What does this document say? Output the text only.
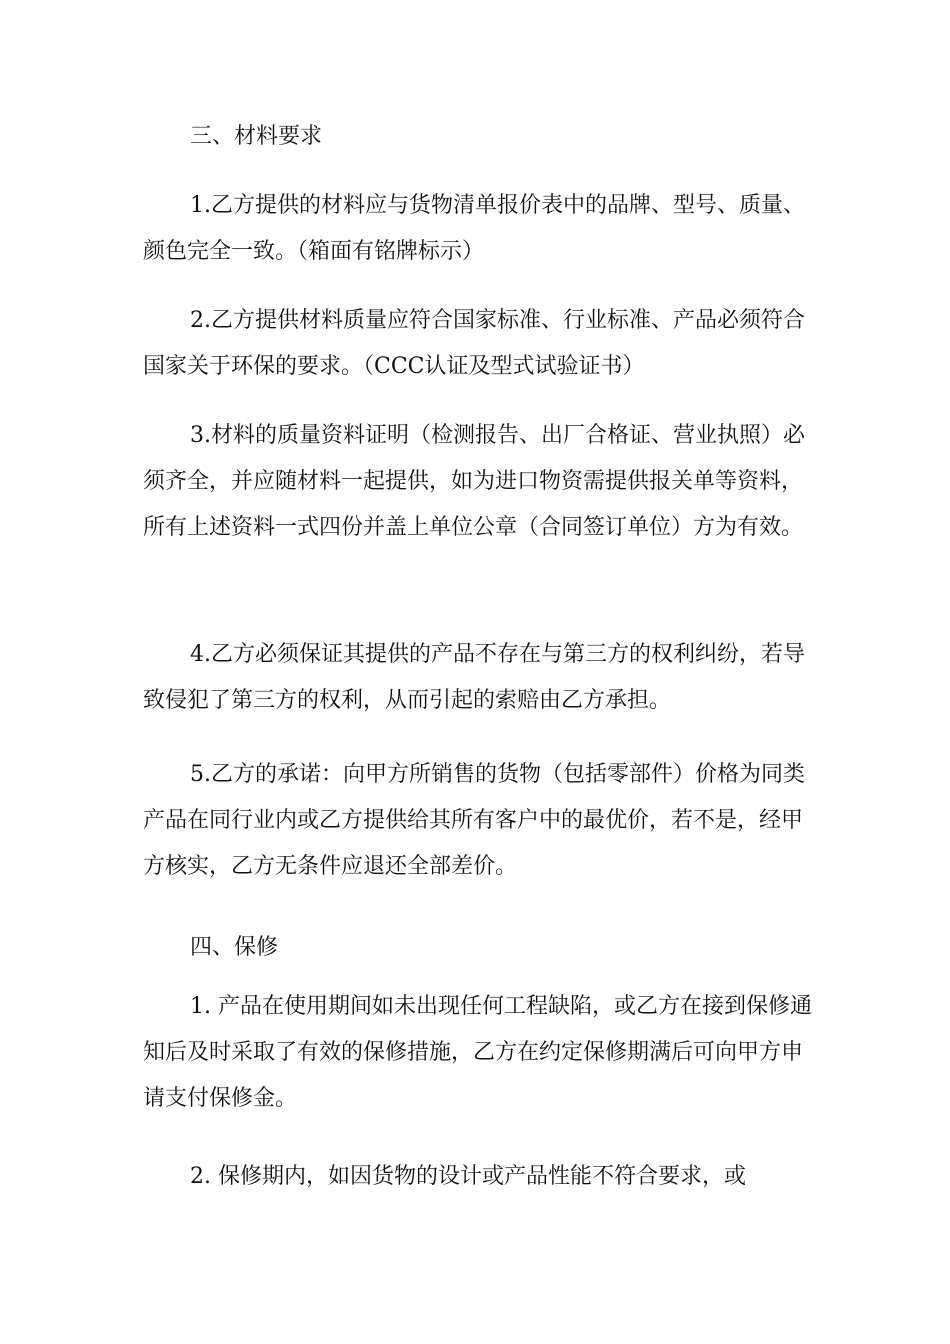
三、材料要求

1.乙方提供的材料应与货物清单报价表中的品牌、型号、质量、颜色完全一致。（箱面有铭牌标示）

2.乙方提供材料质量应符合国家标准、行业标准、产品必须符合国家关于环保的要求。（CCC认证及型式试验证书）

3.材料的质量资料证明（检测报告、出厂合格证、营业执照）必须齐全，并应随材料一起提供，如为进口物资需提供报关单等资料，所有上述资料一式四份并盖上单位公章（合同签订单位）方为有效。

4.乙方必须保证其提供的产品不存在与第三方的权利纠纷，若导致侵犯了第三方的权利，从而引起的索赔由乙方承担。

5.乙方的承诺：向甲方所销售的货物（包括零部件）价格为同类产品在同行业内或乙方提供给其所有客户中的最优价，若不是，经甲方核实，乙方无条件应退还全部差价。

四、保修

1. 产品在使用期间如未出现任何工程缺陷，或乙方在接到保修通知后及时采取了有效的保修措施，乙方在约定保修期满后可向甲方申请支付保修金。

2. 保修期内，如因货物的设计或产品性能不符合要求，或
